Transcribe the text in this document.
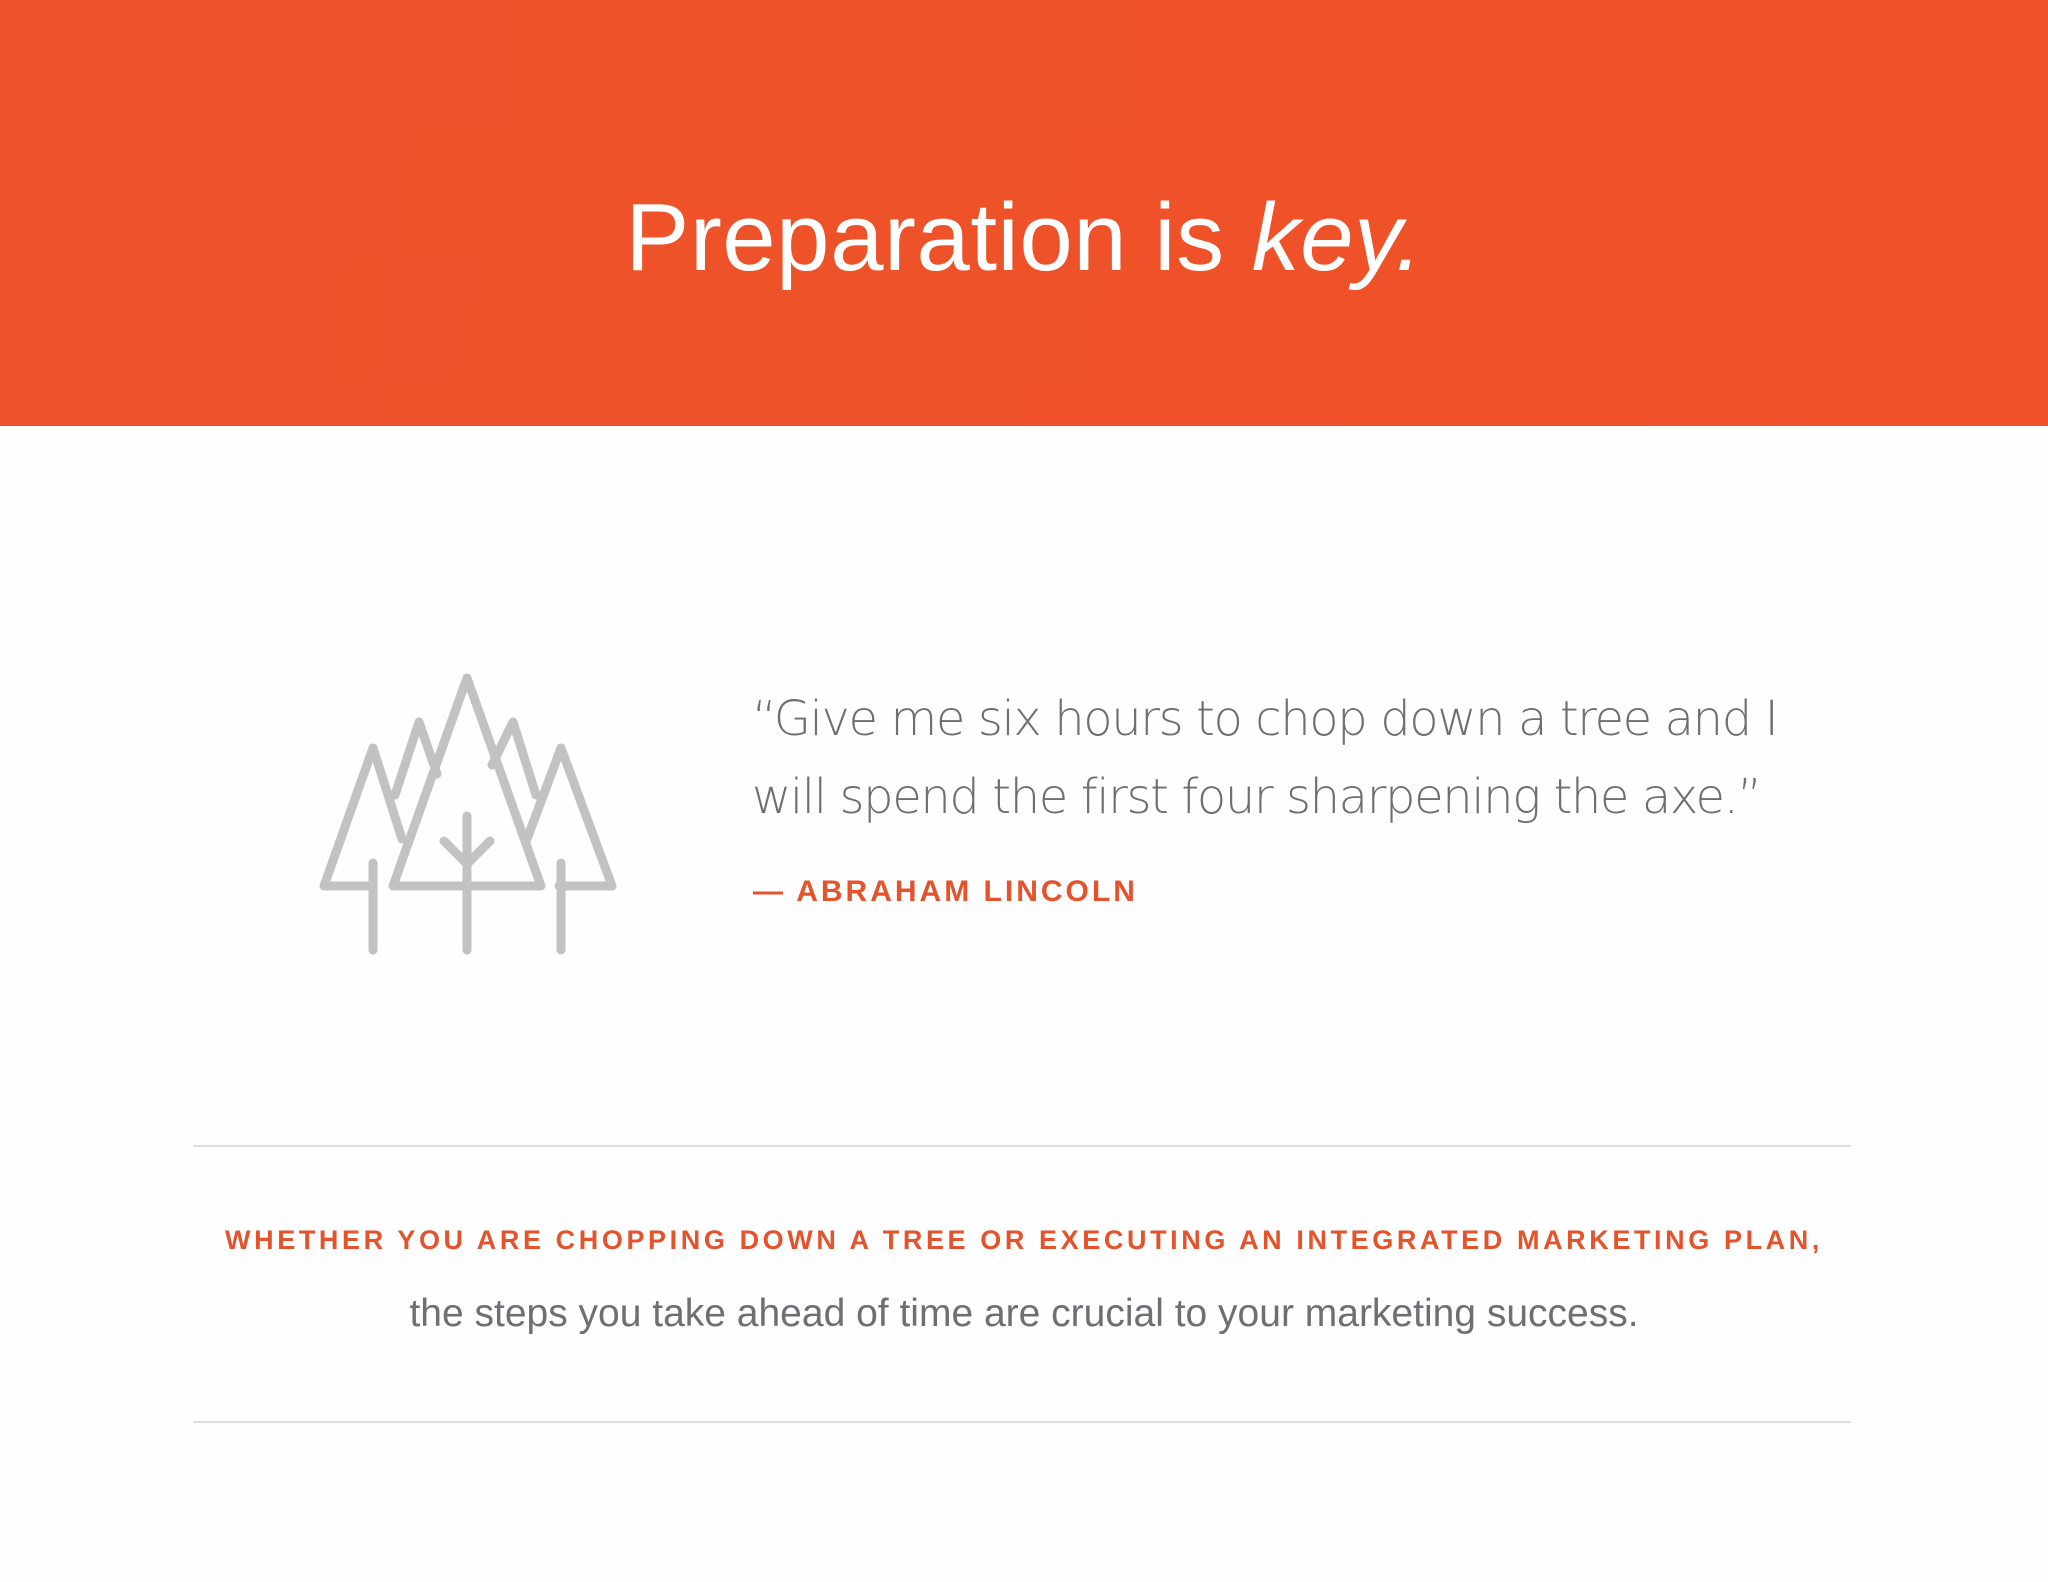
Preparation is key.

“Give me six hours to chop down a tree and I will spend the first four sharpening the axe.”

— ABRAHAM LINCOLN

WHETHER YOU ARE CHOPPING DOWN A TREE OR EXECUTING AN INTEGRATED MARKETING PLAN,

the steps you take ahead of time are crucial to your marketing success.
